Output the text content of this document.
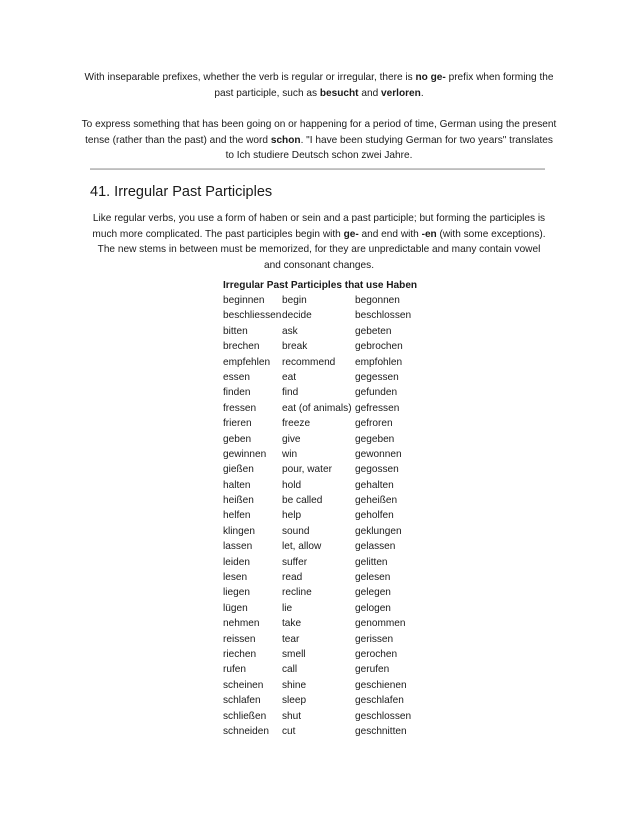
With inseparable prefixes, whether the verb is regular or irregular, there is no ge- prefix when forming the past participle, such as besucht and verloren.
To express something that has been going on or happening for a period of time, German using the present tense (rather than the past) and the word schon. "I have been studying German for two years" translates to Ich studiere Deutsch schon zwei Jahre.
41. Irregular Past Participles
Like regular verbs, you use a form of haben or sein and a past participle; but forming the participles is much more complicated. The past participles begin with ge- and end with -en (with some exceptions). The new stems in between must be memorized, for they are unpredictable and many contain vowel and consonant changes.
Irregular Past Participles that use Haben
beginnen	begin	begonnen
beschliessen decide	beschlossen
bitten	ask	gebeten
brechen	break	gebrochen
empfehlen	recommend	empfohlen
essen	eat	gegessen
finden	find	gefunden
fressen	eat (of animals) gefressen
frieren	freeze	gefroren
geben	give	gegeben
gewinnen	win	gewonnen
gießen	pour, water	gegossen
halten	hold	gehalten
heißen	be called	geheißen
helfen	help	geholfen
klingen	sound	geklungen
lassen	let, allow	gelassen
leiden	suffer	gelitten
lesen	read	gelesen
liegen	recline	gelegen
lügen	lie	gelogen
nehmen	take	genommen
reissen	tear	gerissen
riechen	smell	gerochen
rufen	call	gerufen
scheinen	shine	geschienen
schlafen	sleep	geschlafen
schließen	shut	geschlossen
schneiden	cut	geschnitten
